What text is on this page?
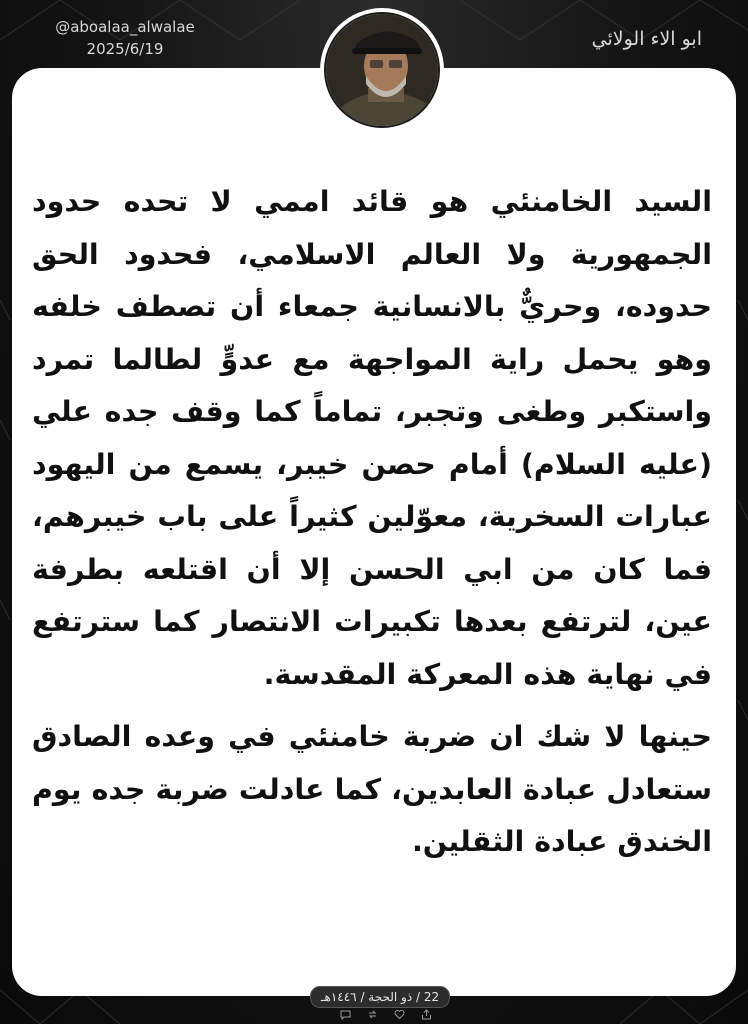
@aboalaa_alwalae
2025/6/19	ابو الاء الولائي

السيد الخامنئي هو قائد اممي لا تحده حدود الجمهورية ولا العالم الاسلامي، فحدود الحق حدوده، وحريٌّ بالانسانية جمعاء أن تصطف خلفه وهو يحمل راية المواجهة مع عدوٍّ لطالما تمرد واستكبر وطغى وتجبر، تماماً كما وقف جده علي (عليه السلام) أمام حصن خيبر، يسمع من اليهود عبارات السخرية، معوّلين كثيراً على باب خيبرهم، فما كان من ابي الحسن إلا أن اقتلعه بطرفة عين، لترتفع بعدها تكبيرات الانتصار كما سترتفع في نهاية هذه المعركة المقدسة.

حينها لا شك ان ضربة خامنئي في وعده الصادق ستعادل عبادة العابدين، كما عادلت ضربة جده يوم الخندق عبادة الثقلين.

22 / ذو الحجة / ١٤٤٦هـ
